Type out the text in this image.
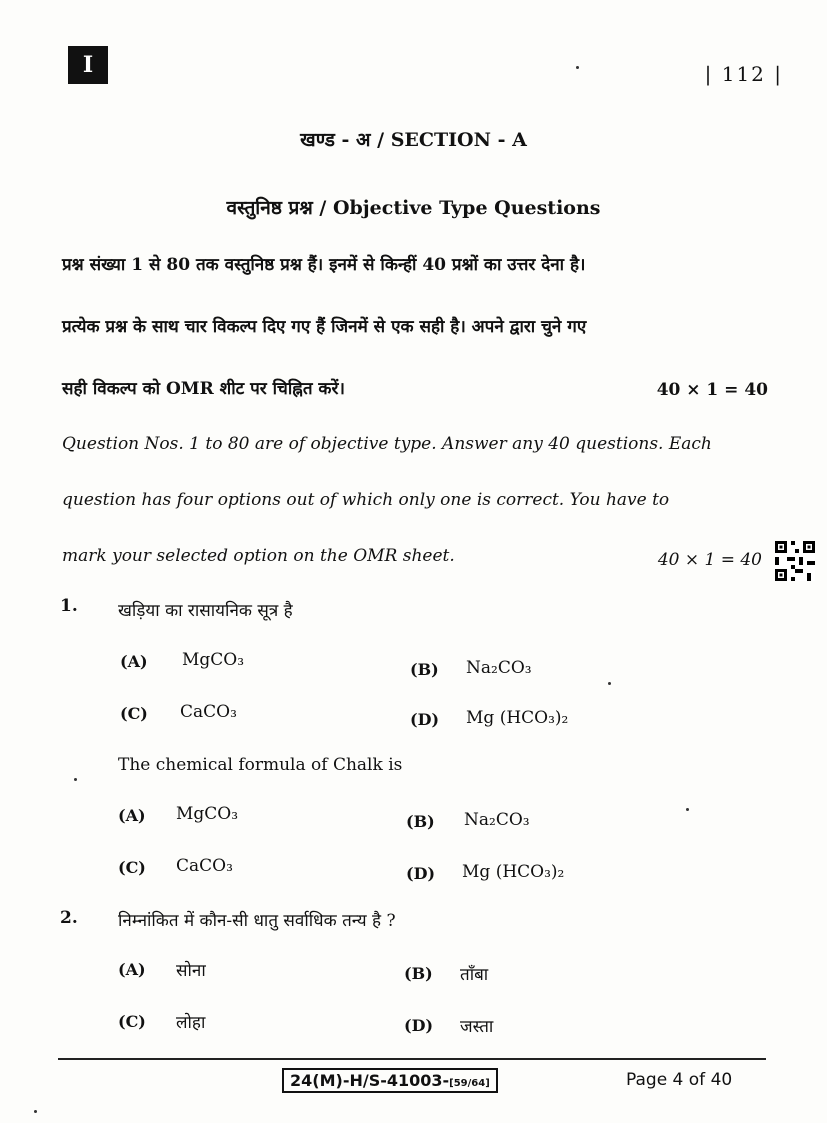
I	| 112 |
खण्ड - अ / SECTION - A
वस्तुनिष्ठ प्रश्न / Objective Type Questions
प्रश्न संख्या 1 से 80 तक वस्तुनिष्ठ प्रश्न हैं। इनमें से किन्हीं 40 प्रश्नों का उत्तर देना है।
प्रत्येक प्रश्न के साथ चार विकल्प दिए गए हैं जिनमें से एक सही है। अपने द्वारा चुने गए
सही विकल्प को OMR शीट पर चिह्नित करें।	40 × 1 = 40
Question Nos. 1 to 80 are of objective type. Answer any 40 questions. Each
question has four options out of which only one is correct. You have to
mark your selected option on the OMR sheet.	40 × 1 = 40
1. खड़िया का रासायनिक सूत्र है
(A) MgCO₃	(B) Na₂CO₃
(C) CaCO₃	(D) Mg (HCO₃)₂
The chemical formula of Chalk is
(A) MgCO₃	(B) Na₂CO₃
(C) CaCO₃	(D) Mg (HCO₃)₂
2. निम्नांकित में कौन-सी धातु सर्वाधिक तन्य है ?
(A) सोना	(B) ताँबा
(C) लोहा	(D) जस्ता
24(M)-H/S-41003-[59/64]	Page 4 of 40
